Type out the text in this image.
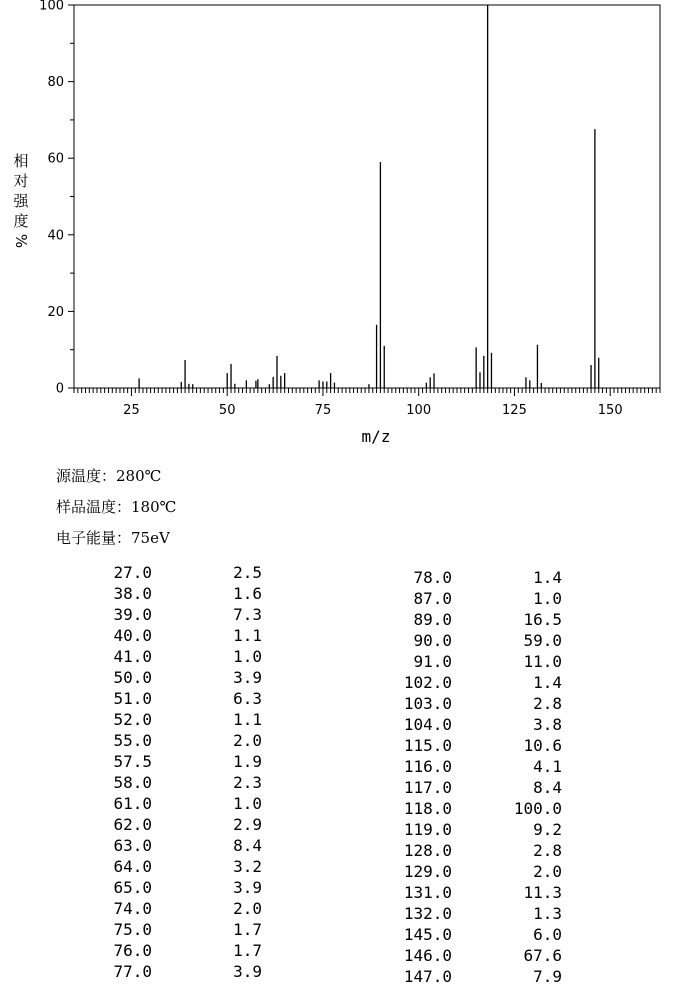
相
对
强
度
%
m/z
25	50	75	100	125	150
0
20
40
60
80
100
源温度：280℃
样品温度：180℃
电子能量：75eV
27.0	2.5
38.0	1.6
39.0	7.3
40.0	1.1
41.0	1.0
50.0	3.9
51.0	6.3
52.0	1.1
55.0	2.0
57.5	1.9
58.0	2.3
61.0	1.0
62.0	2.9
63.0	8.4
64.0	3.2
65.0	3.9
74.0	2.0
75.0	1.7
76.0	1.7
77.0	3.9
78.0	1.4
87.0	1.0
89.0	16.5
90.0	59.0
91.0	11.0
102.0	1.4
103.0	2.8
104.0	3.8
115.0	10.6
116.0	4.1
117.0	8.4
118.0	100.0
119.0	9.2
128.0	2.8
129.0	2.0
131.0	11.3
132.0	1.3
145.0	6.0
146.0	67.6
147.0	7.9
